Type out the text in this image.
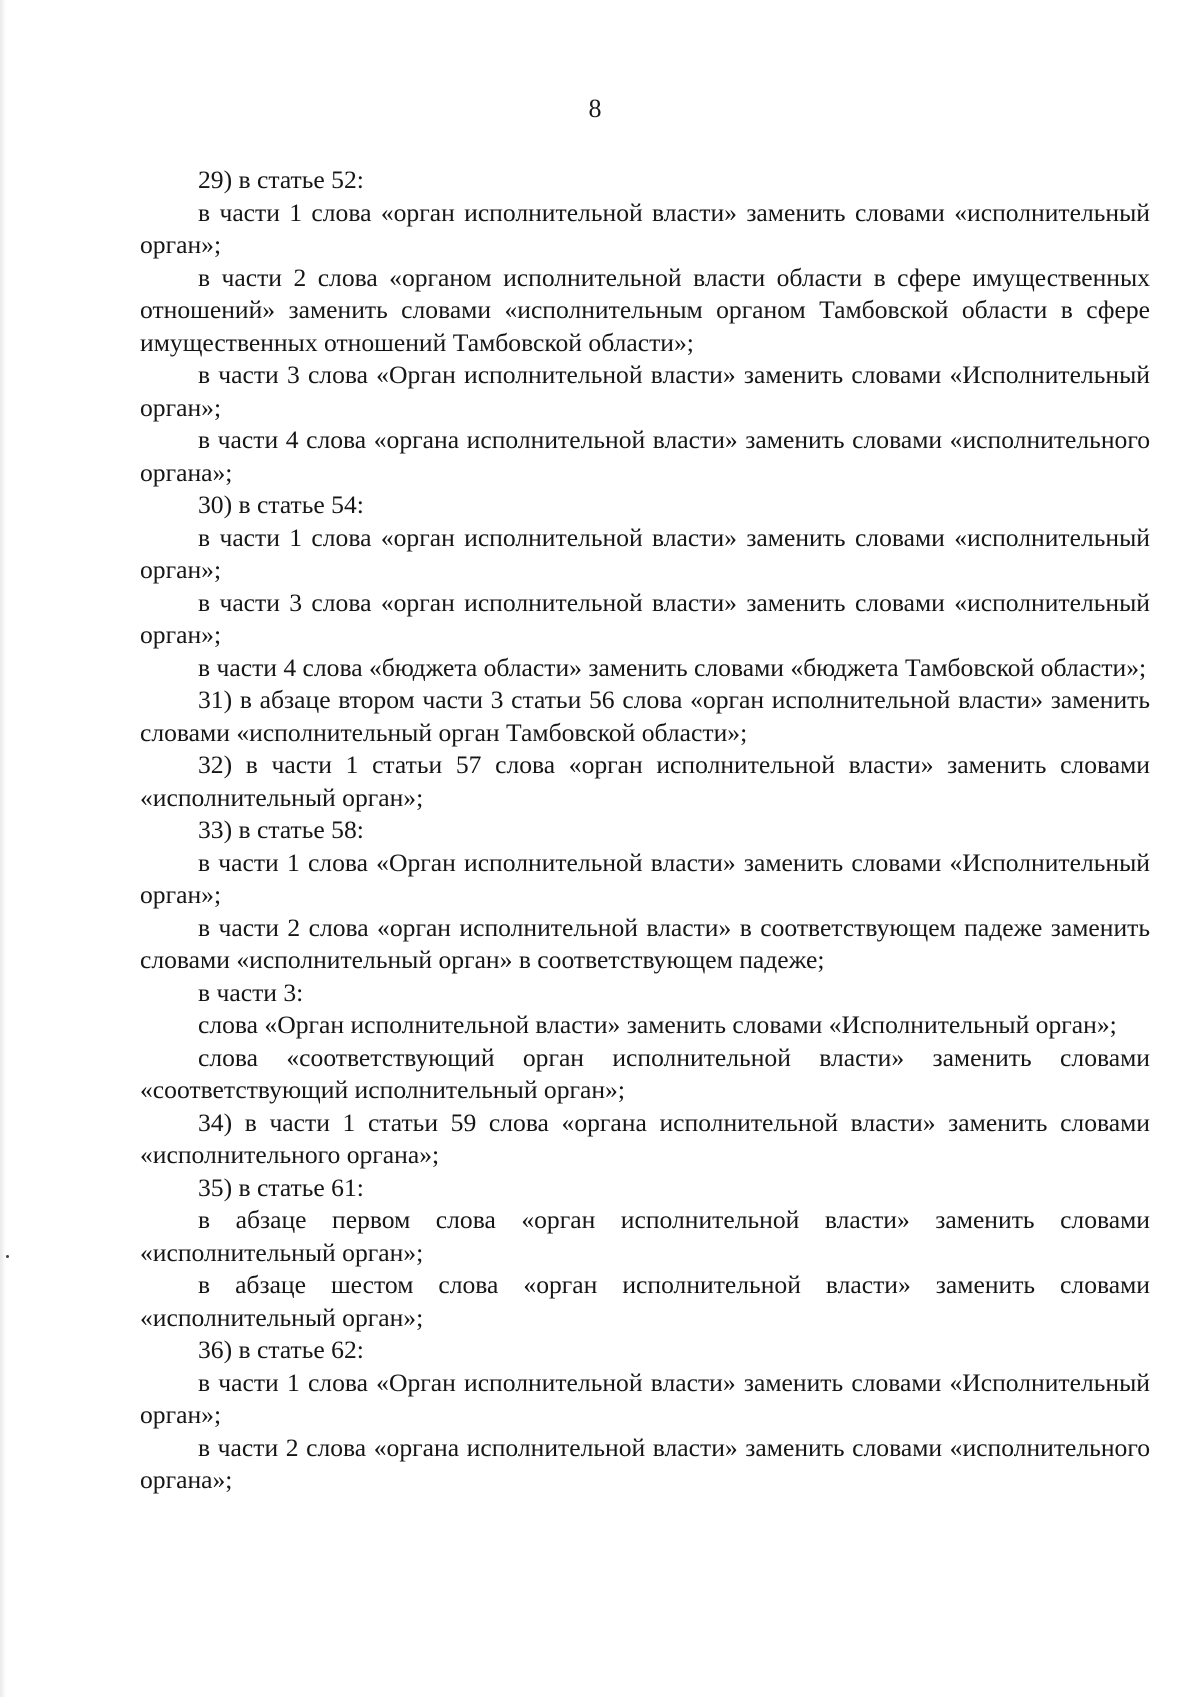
8

29) в статье 52:

в части 1 слова «орган исполнительной власти» заменить словами «исполнительный орган»;

в части 2 слова «органом исполнительной власти области в сфере имущественных отношений» заменить словами «исполнительным органом Тамбовской области в сфере имущественных отношений Тамбовской области»;

в части 3 слова «Орган исполнительной власти» заменить словами «Исполнительный орган»;

в части 4 слова «органа исполнительной власти» заменить словами «исполнительного органа»;

30) в статье 54:

в части 1 слова «орган исполнительной власти» заменить словами «исполнительный орган»;

в части 3 слова «орган исполнительной власти» заменить словами «исполнительный орган»;

в части 4 слова «бюджета области» заменить словами «бюджета Тамбовской области»;

31) в абзаце втором части 3 статьи 56 слова «орган исполнительной власти» заменить словами «исполнительный орган Тамбовской области»;

32) в части 1 статьи 57 слова «орган исполнительной власти» заменить словами «исполнительный орган»;

33) в статье 58:

в части 1 слова «Орган исполнительной власти» заменить словами «Исполнительный орган»;

в части 2 слова «орган исполнительной власти» в соответствующем падеже заменить словами «исполнительный орган» в соответствующем падеже;

в части 3:

слова «Орган исполнительной власти» заменить словами «Исполнительный орган»;

слова «соответствующий орган исполнительной власти» заменить словами «соответствующий исполнительный орган»;

34) в части 1 статьи 59 слова «органа исполнительной власти» заменить словами «исполнительного органа»;

35) в статье 61:

в абзаце первом слова «орган исполнительной власти» заменить словами «исполнительный орган»;

в абзаце шестом слова «орган исполнительной власти» заменить словами «исполнительный орган»;

36) в статье 62:

в части 1 слова «Орган исполнительной власти» заменить словами «Исполнительный орган»;

в части 2 слова «органа исполнительной власти» заменить словами «исполнительного органа»;
